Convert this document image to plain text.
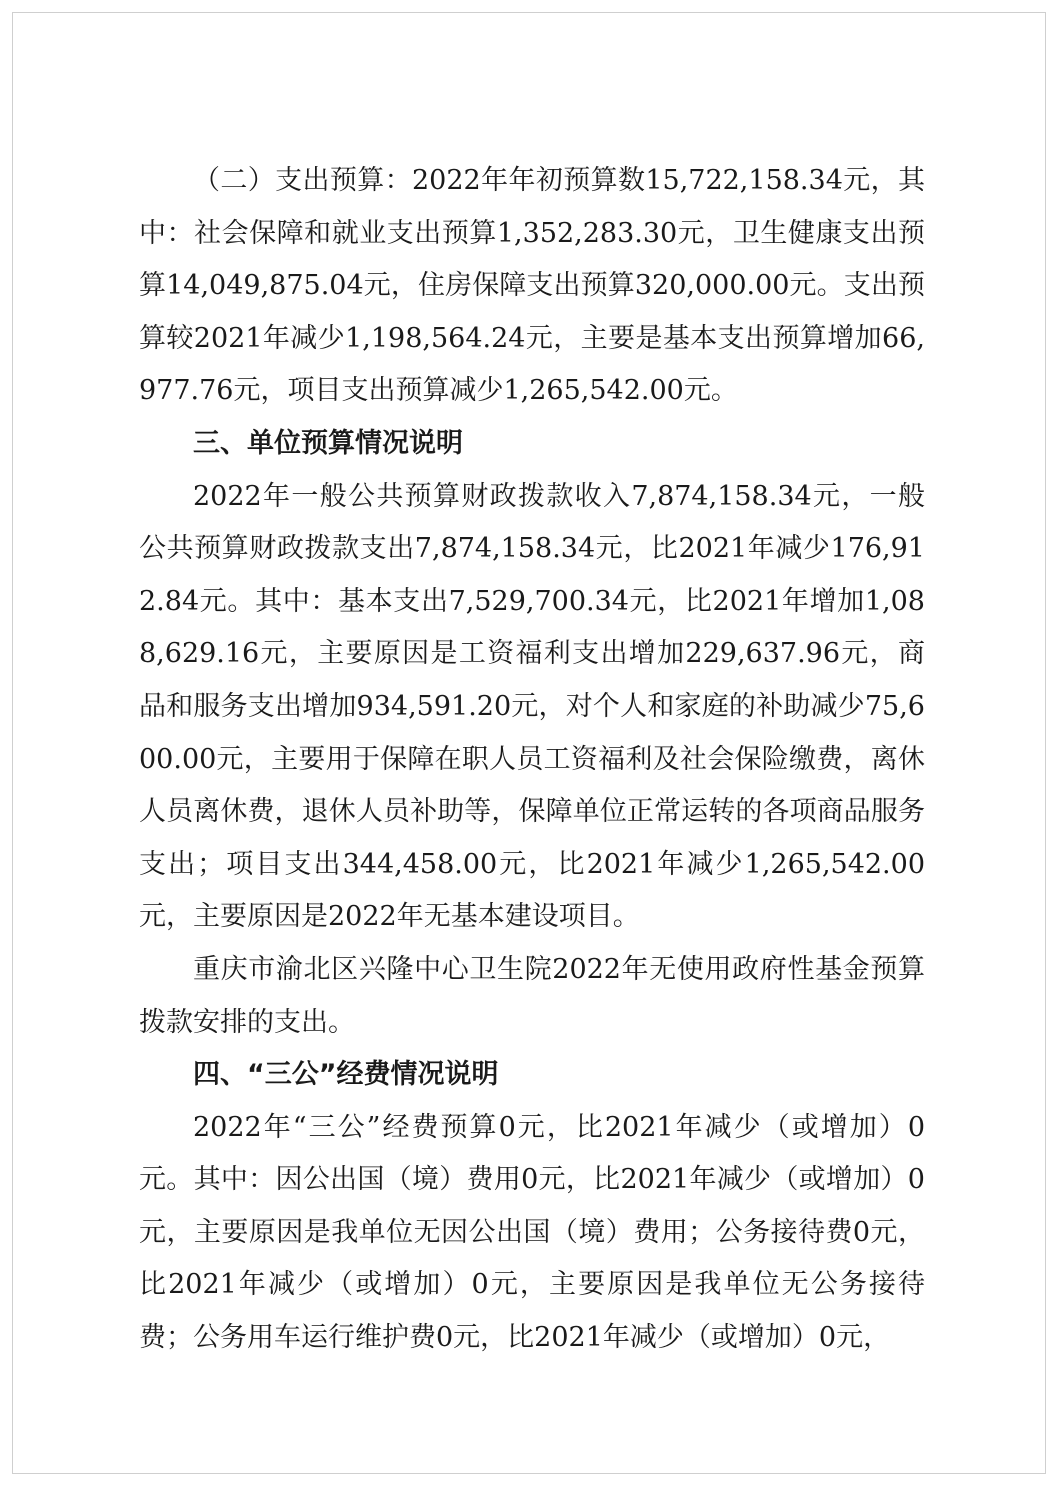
（二）支出预算：2022年年初预算数15,722,158.34元，其中：社会保障和就业支出预算1,352,283.30元，卫生健康支出预算14,049,875.04元，住房保障支出预算320,000.00元。支出预算较2021年减少1,198,564.24元，主要是基本支出预算增加66,977.76元，项目支出预算减少1,265,542.00元。

三、单位预算情况说明

2022年一般公共预算财政拨款收入7,874,158.34元，一般公共预算财政拨款支出7,874,158.34元，比2021年减少176,912.84元。其中：基本支出7,529,700.34元，比2021年增加1,088,629.16元，主要原因是工资福利支出增加229,637.96元，商品和服务支出增加934,591.20元，对个人和家庭的补助减少75,600.00元，主要用于保障在职人员工资福利及社会保险缴费，离休人员离休费，退休人员补助等，保障单位正常运转的各项商品服务支出；项目支出344,458.00元，比2021年减少1,265,542.00元，主要原因是2022年无基本建设项目。

重庆市渝北区兴隆中心卫生院2022年无使用政府性基金预算拨款安排的支出。

四、“三公”经费情况说明

2022年“三公”经费预算0元，比2021年减少（或增加）0元。其中：因公出国（境）费用0元，比2021年减少（或增加）0元，主要原因是我单位无因公出国（境）费用；公务接待费0元，比2021年减少（或增加）0元，主要原因是我单位无公务接待费；公务用车运行维护费0元，比2021年减少（或增加）0元，
